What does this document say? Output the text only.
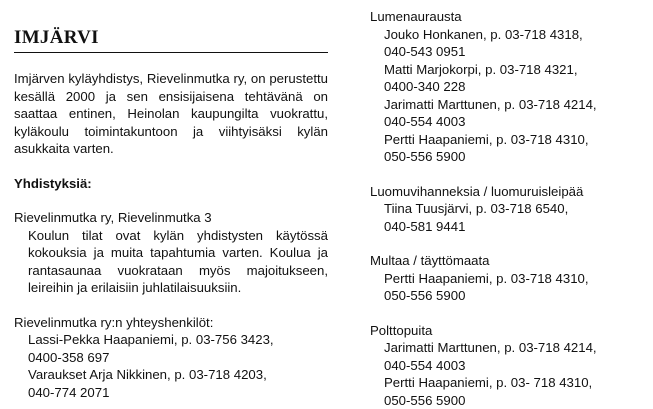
IMJÄRVI
Imjärven kyläyhdistys, Rievelinmutka ry, on perustettu kesällä 2000 ja sen ensisijaisena tehtävänä on saattaa entinen, Heinolan kaupungilta vuokrattu, kyläkoulu toimintakuntoon ja viihtyisäksi kylän asukkaita varten.
Yhdistyksiä:
Rievelinmutka ry, Rievelinmutka 3
Koulun tilat ovat kylän yhdistysten käytössä kokouksia ja muita tapahtumia varten. Koulua ja rantasaunaa vuokrataan myös majoitukseen, leireihin ja erilaisiin juhlatilaisuuksiin.
Rievelinmutka ry:n yhteyshenkilöt:
Lassi-Pekka Haapaniemi, p. 03-756 3423,
0400-358 697
Varaukset Arja Nikkinen, p. 03-718 4203,
040-774 2071
Lumenaurausta
Jouko Honkanen, p. 03-718 4318,
040-543 0951
Matti Marjokorpi, p. 03-718 4321,
0400-340 228
Jarimatti Marttunen, p. 03-718 4214,
040-554 4003
Pertti Haapaniemi, p. 03-718 4310,
050-556 5900
Luomuvihanneksia / luomuruisleipää
Tiina Tuusjärvi, p. 03-718 6540,
040-581 9441
Multaa / täyttömaata
Pertti Haapaniemi, p. 03-718 4310,
050-556 5900
Polttopuita
Jarimatti Marttunen, p. 03-718 4214,
040-554 4003
Pertti Haapaniemi, p. 03- 718 4310,
050-556 5900
